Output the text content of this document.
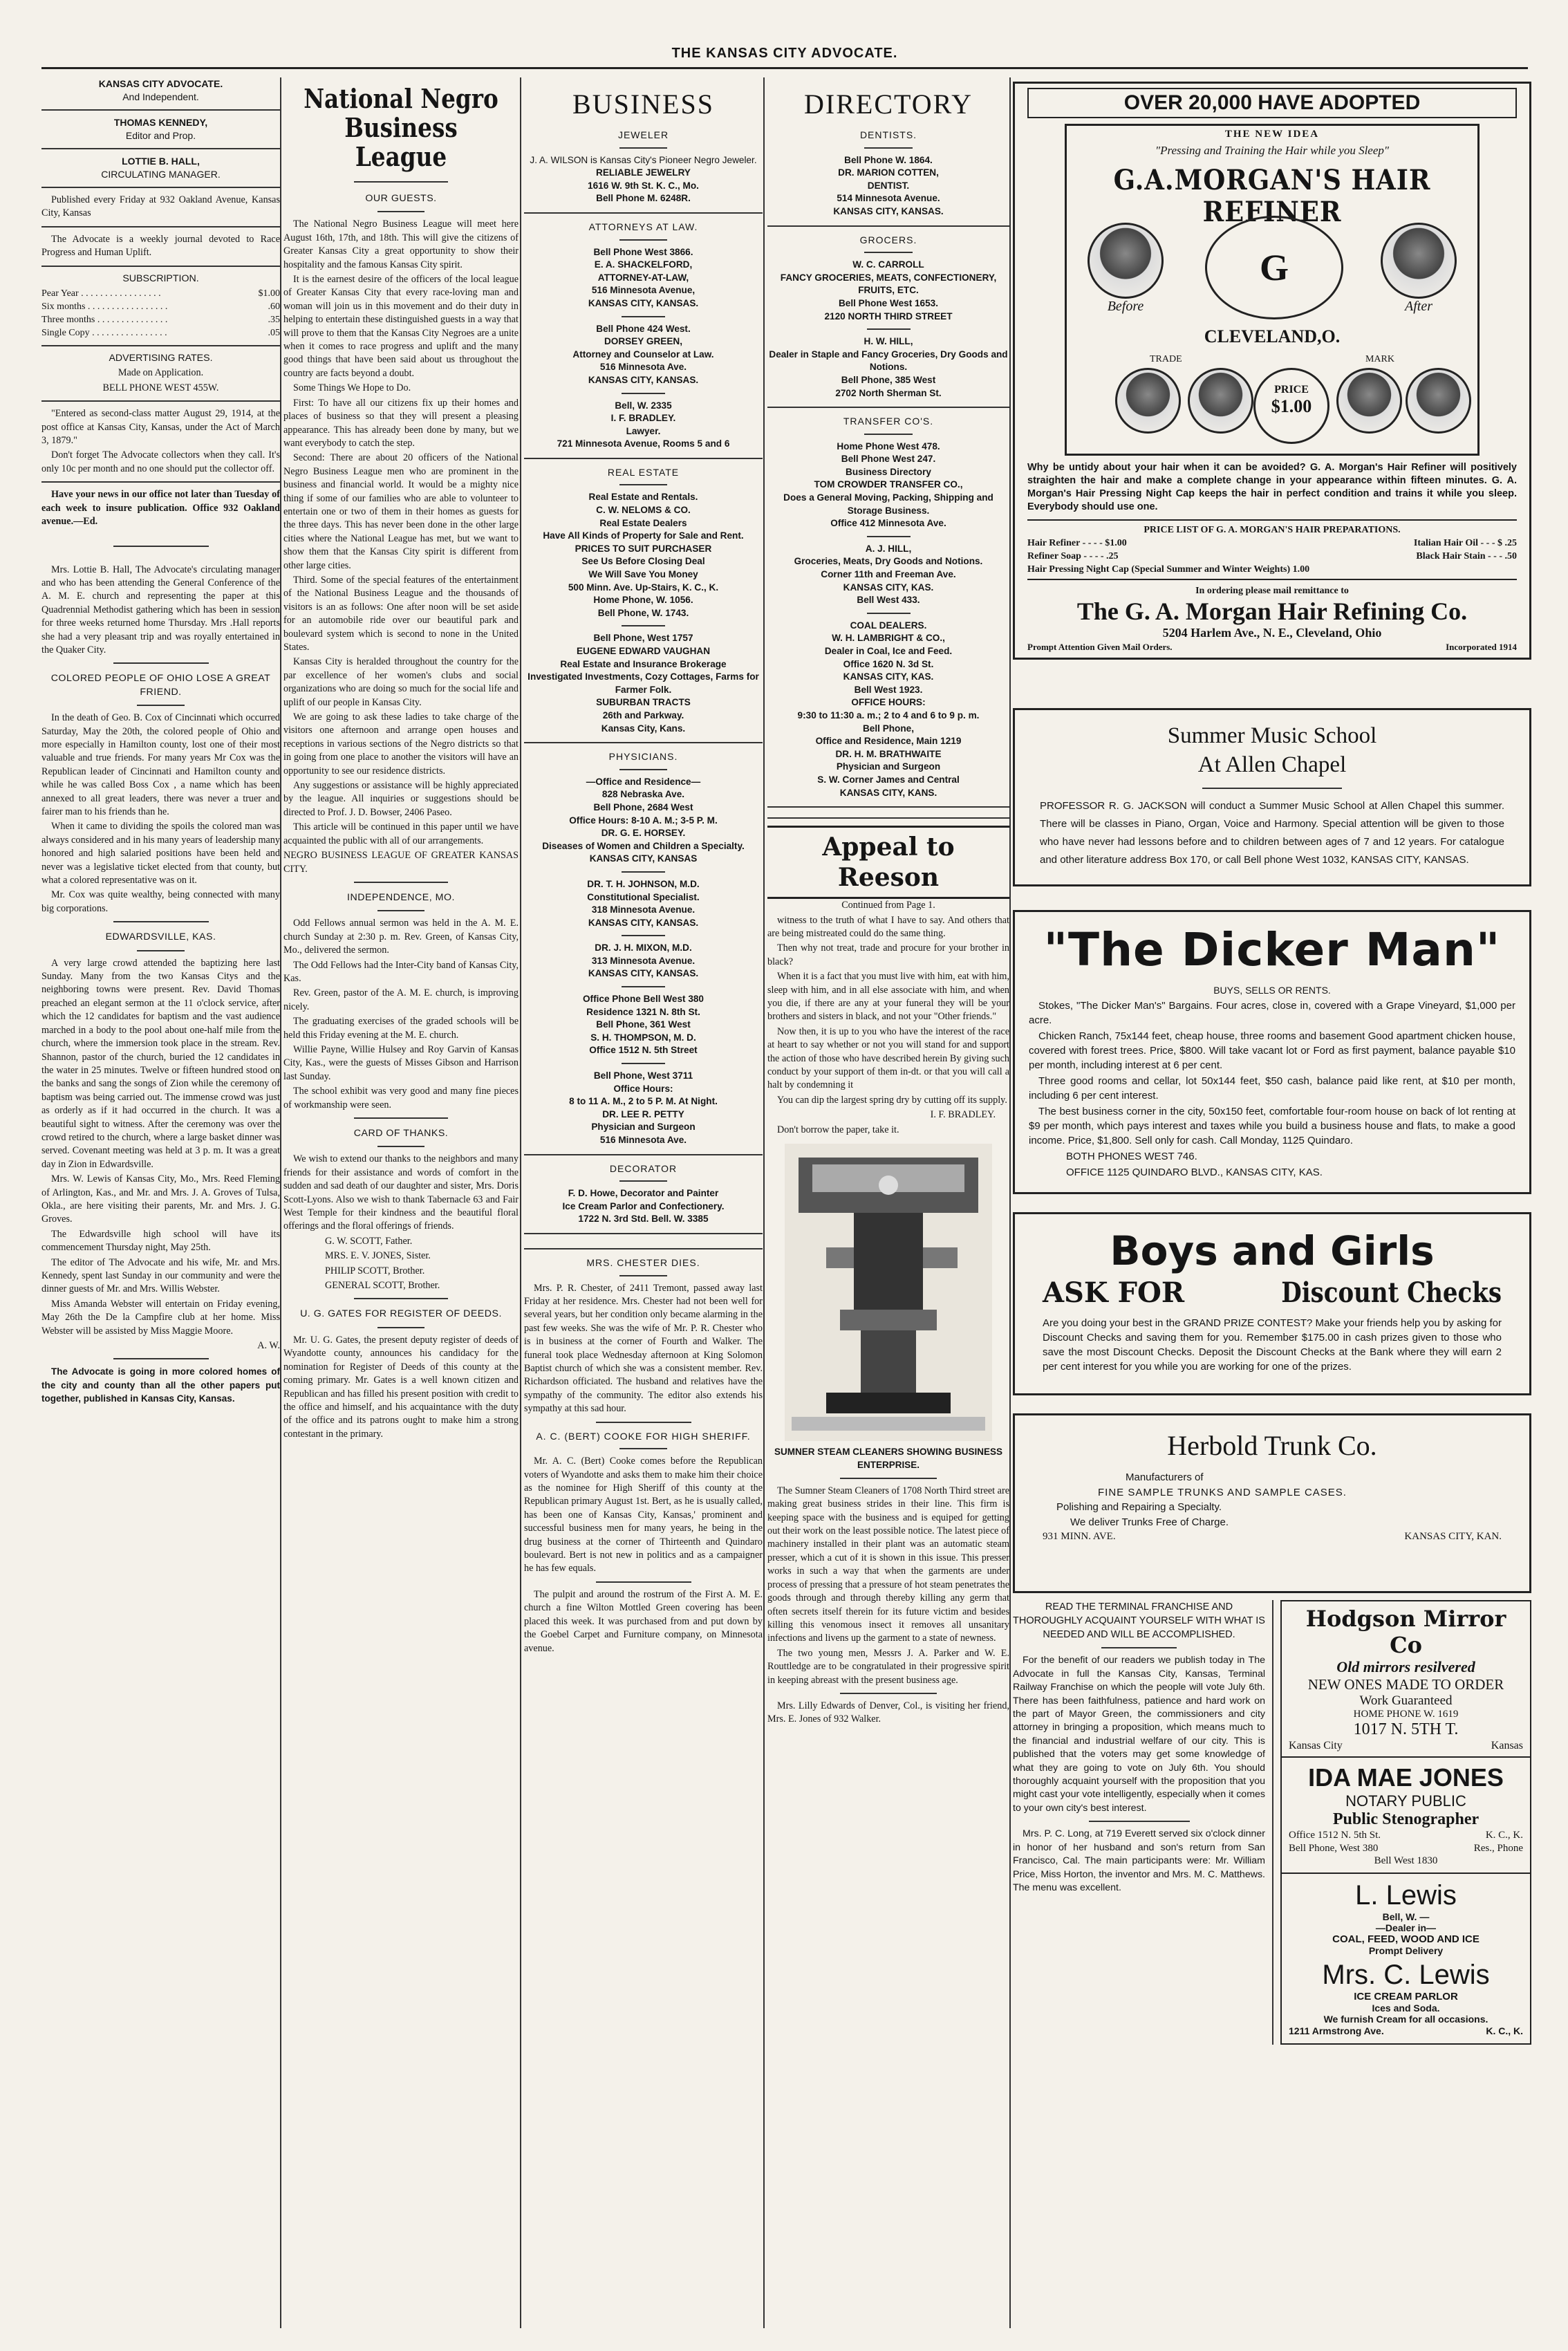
THE KANSAS CITY ADVOCATE.
KANSAS CITY ADVOCATE.
And Independent.
THOMAS KENNEDY,
Editor and Prop.
LOTTIE B. HALL,
CIRCULATING MANAGER.

Published every Friday at 932 Oakland Avenue, Kansas City, Kansas

The Advocate is a weekly journal devoted to Race Progress and Human Uplift.

SUBSCRIPTION.

Pear Year . . . . . . . . . . . . . . . . .	$1.00
Six months . . . . . . . . . . . . . . . . .	.60
Three months . . . . . . . . . . . . . . .	.35
Single Copy . . . . . . . . . . . . . . . .	.05

ADVERTISING RATES.

Made on Application.

BELL PHONE WEST 455W.

"Entered as second-class matter August 29, 1914, at the post office at Kansas City, Kansas, under the Act of March 3, 1879."

Don't forget The Advocate collectors when they call. It's only 10c per month and no one should put the collector off.

Have your news in our office not later than Tuesday of each week to insure publication. Office 932 Oakland avenue.—Ed.

Mrs. Lottie B. Hall, The Advocate's circulating manager and who has been attending the General Conference of the A. M. E. church and representing the paper at this Quadrennial Methodist gathering which has been in session for three weeks returned home Thursday. Mrs .Hall reports she had a very pleasant trip and was royally entertained in the Quaker City.

COLORED PEOPLE OF OHIO LOSE A GREAT FRIEND.

In the death of Geo. B. Cox of Cincinnati which occurred Saturday, May the 20th, the colored people of Ohio and more especially in Hamilton county, lost one of their most valuable and true friends. For many years Mr Cox was the Republican leader of Cincinnati and Hamilton county and while he was called Boss Cox , a name which has been annexed to all great leaders, there was never a truer and fairer man to his friends than he.

When it came to dividing the spoils the colored man was always considered and in his many years of leadership many honored and high salaried positions have been held and never was a legislative ticket elected from that county, but what a colored representative was on it.

Mr. Cox was quite wealthy, being connected with many big corporations.

EDWARDSVILLE, KAS.

A very large crowd attended the baptizing here last Sunday. Many from the two Kansas Citys and the neighboring towns were present. Rev. David Thomas preached an elegant sermon at the 11 o'clock service, after which the 12 candidates for baptism and the vast audience marched in a body to the pool about one-half mile from the church, where the immersion took place in the stream. Rev. Shannon, pastor of the church, buried the 12 candidates in the water in 25 minutes. Twelve or fifteen hundred stood on the banks and sang the songs of Zion while the ceremony of baptism was being carried out. The immense crowd was just as orderly as if it had occurred in the church. It was a beautiful sight to witness. After the ceremony was over the crowd retired to the church, where a large basket dinner was served. Covenant meeting was held at 3 p. m. It was a great day in Zion in Edwardsville.

Mrs. W. Lewis of Kansas City, Mo., Mrs. Reed Fleming of Arlington, Kas., and Mr. and Mrs. J. A. Groves of Tulsa, Okla., are here visiting their parents, Mr. and Mrs. J. G. Groves.

The Edwardsville high school will have its commencement Thursday night, May 25th.

The editor of The Advocate and his wife, Mr. and Mrs. Kennedy, spent last Sunday in our community and were the dinner guests of Mr. and Mrs. Willis Webster.

Miss Amanda Webster will entertain on Friday evening, May 26th the De la Campfire club at her home. Miss Webster will be assisted by Miss Maggie Moore.

A. W.

The Advocate is going in more colored homes of the city and county than all the other papers put together, published in Kansas City, Kansas.

National Negro
Business League

OUR GUESTS.

The National Negro Business League will meet here August 16th, 17th, and 18th. This will give the citizens of Greater Kansas City a great opportunity to show their hospitality and the famous Kansas City spirit.

It is the earnest desire of the officers of the local league of Greater Kansas City that every race-loving man and woman will join us in this movement and do their duty in helping to entertain these distinguished guests in a way that will prove to them that the Kansas City Negroes are a unite when it comes to race progress and uplift and the many good things that have been said about us throughout the country are facts beyond a doubt.

Some Things We Hope to Do.

First: To have all our citizens fix up their homes and places of business so that they will present a pleasing appearance. This has already been done by many, but we want everybody to catch the step.

Second: There are about 20 officers of the National Negro Business League men who are prominent in the business and financial world. It would be a mighty nice thing if some of our families who are able to volunteer to entertain one or two of them in their homes as guests for the three days. This has never been done in the other large cities where the National League has met, but we want to show them that the Kansas City spirit is different from other large cities.

Third. Some of the special features of the entertainment of the National Business League and the thousands of visitors is an as follows: One after noon will be set aside for an automobile ride over our beautiful park and boulevard system which is second to none in the United States.

Kansas City is heralded throughout the country for the par excellence of her women's clubs and social organizations who are doing so much for the social life and uplift of our people in Kansas City.

We are going to ask these ladies to take charge of the visitors one afternoon and arrange open houses and receptions in various sections of the Negro districts so that in going from one place to another the visitors will have an opportunity to see our residence districts.

Any suggestions or assistance will be highly appreciated by the league. All inquiries or suggestions should be directed to Prof. J. D. Bowser, 2406 Paseo.

This article will be continued in this paper until we have acquainted the public with all of our arrangements.

NEGRO BUSINESS LEAGUE OF GREATER KANSAS CITY.

INDEPENDENCE, MO.

Odd Fellows annual sermon was held in the A. M. E. church Sunday at 2:30 p. m. Rev. Green, of Kansas City, Mo., delivered the sermon.

The Odd Fellows had the Inter-City band of Kansas City, Kas.

Rev. Green, pastor of the A. M. E. church, is improving nicely.

The graduating exercises of the graded schools will be held this Friday evening at the M. E. church.

Willie Payne, Willie Hulsey and Roy Garvin of Kansas City, Kas., were the guests of Misses Gibson and Harrison last Sunday.

The school exhibit was very good and many fine pieces of workmanship were seen.

CARD OF THANKS.

We wish to extend our thanks to the neighbors and many friends for their assistance and words of comfort in the sudden and sad death of our daughter and sister, Mrs. Doris Scott-Lyons. Also we wish to thank Tabernacle 63 and Fair West Temple for their kindness and the beautiful floral offerings and the floral offerings of friends.

G. W. SCOTT, Father.

MRS. E. V. JONES, Sister.

PHILIP SCOTT, Brother.

GENERAL SCOTT, Brother.

U. G. GATES FOR REGISTER OF DEEDS.

Mr. U. G. Gates, the present deputy register of deeds of Wyandotte county, announces his candidacy for the nomination for Register of Deeds of this county at the coming primary. Mr. Gates is a well known citizen and Republican and has filled his present position with credit to the office and himself, and his acquaintance with the duty of the office and its patrons ought to make him a strong contestant in the primary.

BUSINESS

JEWELER

J. A. WILSON is Kansas City's Pioneer Negro Jeweler.

RELIABLE JEWELRY

1616 W. 9th St. K. C., Mo.

Bell Phone M. 6248R.

ATTORNEYS AT LAW.

Bell Phone West 3866.

E. A. SHACKELFORD,

ATTORNEY-AT-LAW,

516 Minnesota Avenue,

KANSAS CITY, KANSAS.

Bell Phone 424 West.

DORSEY GREEN,

Attorney and Counselor at Law.

516 Minnesota Ave.

KANSAS CITY, KANSAS.

Bell, W. 2335

I. F. BRADLEY.

Lawyer.

721 Minnesota Avenue, Rooms 5 and 6

REAL ESTATE

Real Estate and Rentals.

C. W. NELOMS & CO.

Real Estate Dealers

Have All Kinds of Property for Sale and Rent.

PRICES TO SUIT PURCHASER

See Us Before Closing Deal

We Will Save You Money

500 Minn. Ave. Up-Stairs, K. C., K.

Home Phone, W. 1056.

Bell Phone, W. 1743.

Bell Phone, West 1757

EUGENE EDWARD VAUGHAN

Real Estate and Insurance Brokerage

Investigated Investments, Cozy Cottages, Farms for Farmer Folk.

SUBURBAN TRACTS

26th and Parkway.

Kansas City, Kans.

PHYSICIANS.

—Office and Residence—

828 Nebraska Ave.

Bell Phone, 2684 West

Office Hours: 8-10 A. M.; 3-5 P. M.

DR. G. E. HORSEY.

Diseases of Women and Children a Specialty.

KANSAS CITY, KANSAS

DR. T. H. JOHNSON, M.D.

Constitutional Specialist.

318 Minnesota Avenue.

KANSAS CITY, KANSAS.

DR. J. H. MIXON, M.D.

313 Minnesota Avenue.

KANSAS CITY, KANSAS.

Office Phone Bell West 380

Residence 1321 N. 8th St.

Bell Phone, 361 West

S. H. THOMPSON, M. D.

Office 1512 N. 5th Street

Bell Phone, West 3711

Office Hours:

8 to 11 A. M., 2 to 5 P. M. At Night.

DR. LEE R. PETTY

Physician and Surgeon

516 Minnesota Ave.

DECORATOR

F. D. Howe, Decorator and Painter

Ice Cream Parlor and Confectionery.

1722 N. 3rd Std. Bell. W. 3385

MRS. CHESTER DIES.

Mrs. P. R. Chester, of 2411 Tremont, passed away last Friday at her residence. Mrs. Chester had not been well for several years, but her condition only became alarming in the past few weeks. She was the wife of Mr. P. R. Chester who is in business at the corner of Fourth and Walker. The funeral took place Wednesday afternoon at King Solomon Baptist church of which she was a consistent member. Rev. Richardson officiated. The husband and relatives have the sympathy of the community. The editor also extends his sympathy at this sad hour.

A. C. (BERT) COOKE FOR HIGH SHERIFF.

Mr. A. C. (Bert) Cooke comes before the Republican voters of Wyandotte and asks them to make him their choice as the nominee for High Sheriff of this county at the Republican primary August 1st. Bert, as he is usually called, has been one of Kansas City, Kansas,' prominent and successful business men for many years, he being in the drug business at the corner of Thirteenth and Quindaro boulevard. Bert is not new in politics and as a campaigner he has few equals.

The pulpit and around the rostrum of the First A. M. E. church a fine Wilton Mottled Green covering has been placed this week. It was purchased from and put down by the Goebel Carpet and Furniture company, on Minnesota avenue.

DIRECTORY

DENTISTS.

Bell Phone W. 1864.

DR. MARION COTTEN,

DENTIST.

514 Minnesota Avenue.

KANSAS CITY, KANSAS.

GROCERS.

W. C. CARROLL

FANCY GROCERIES, MEATS, CONFECTIONERY, FRUITS, ETC.

Bell Phone West 1653.

2120 NORTH THIRD STREET

H. W. HILL,

Dealer in Staple and Fancy Groceries, Dry Goods and Notions.

Bell Phone, 385 West

2702 North Sherman St.

TRANSFER CO'S.

Home Phone West 478.

Bell Phone West 247.

Business Directory

TOM CROWDER TRANSFER CO.,

Does a General Moving, Packing, Shipping and Storage Business.

Office 412 Minnesota Ave.

A. J. HILL,

Groceries, Meats, Dry Goods and Notions.

Corner 11th and Freeman Ave.

KANSAS CITY, KAS.

Bell West 433.

COAL DEALERS.

W. H. LAMBRIGHT & CO.,

Dealer in Coal, Ice and Feed.

Office 1620 N. 3d St.

KANSAS CITY, KAS.

Bell West 1923.

OFFICE HOURS:

9:30 to 11:30 a. m.; 2 to 4 and 6 to 9 p. m.

Bell Phone,

Office and Residence, Main 1219

DR. H. M. BRATHWAITE

Physician and Surgeon

S. W. Corner James and Central

KANSAS CITY, KANS.

Appeal to Reeson

Continued from Page 1.

witness to the truth of what I have to say. And others that are being mistreated could do the same thing.

Then why not treat, trade and procure for your brother in black?

When it is a fact that you must live with him, eat with him, sleep with him, and in all else associate with him, and when you die, if there are any at your funeral they will be your brothers and sisters in black, and not your "Other friends."

Now then, it is up to you who have the interest of the race at heart to say whether or not you will stand for and support the action of those who have described herein By giving such conduct by your support of them in-dt. or that you will call a halt by condemning it

You can dip the largest spring dry by cutting off its supply.

I. F. BRADLEY.

Don't borrow the paper, take it.

SUMNER STEAM CLEANERS SHOWING BUSINESS ENTERPRISE.

The Sumner Steam Cleaners of 1708 North Third street are making great business strides in their line. This firm is keeping space with the business and is equiped for getting out their work on the least possible notice. The latest piece of machinery installed in their plant was an automatic steam presser, which a cut of it is shown in this issue. This presser works in such a way that when the garments are under process of pressing that a pressure of hot steam penetrates the goods through and through thereby killing any germ that often secrets itself therein for its future victim and besides killing this venomous insect it removes all unsanitary infections and livens up the garment to a state of newness.

The two young men, Messrs J. A. Parker and W. E. Routtledge are to be congratulated in their progressive spirit in keeping abreast with the present business age.

Mrs. Lilly Edwards of Denver, Col., is visiting her friend, Mrs. E. Jones of 932 Walker.

OVER 20,000 HAVE ADOPTED
THE NEW IDEA
"Pressing and Training the Hair while you Sleep"
G.A.MORGAN'S HAIR REFINER
Before	After
G
CLEVELAND,O.
TRADE	MARK
PRICE
$1.00

Why be untidy about your hair when it can be avoided? G. A. Morgan's Hair Refiner will positively straighten the hair and make a complete change in your appearance within fifteen minutes. G. A. Morgan's Hair Pressing Night Cap keeps the hair in perfect condition and trains it while you sleep. Everybody should use one.

PRICE LIST OF G. A. MORGAN'S HAIR PREPARATIONS.
Hair Refiner - - - - $1.00	Italian Hair Oil - - - $ .25
Refiner Soap - - - - .25	Black Hair Stain - - - .50
Hair Pressing Night Cap (Special Summer and Winter Weights) 1.00
In ordering please mail remittance to
The G. A. Morgan Hair Refining Co.
5204 Harlem Ave., N. E., Cleveland, Ohio
Prompt Attention Given Mail Orders.	Incorporated 1914
Summer Music School
At Allen Chapel

PROFESSOR R. G. JACKSON will conduct a Summer Music School at Allen Chapel this summer. There will be classes in Piano, Organ, Voice and Harmony. Special attention will be given to those who have never had lessons before and to children between ages of 7 and 12 years. For catalogue and other literature address Box 170, or call Bell phone West 1032, KANSAS CITY, KANSAS.

"The Dicker Man"

BUYS, SELLS OR RENTS.

Stokes, "The Dicker Man's" Bargains. Four acres, close in, covered with a Grape Vineyard, $1,000 per acre.

Chicken Ranch, 75x144 feet, cheap house, three rooms and basement Good apartment chicken house, covered with forest trees. Price, $800. Will take vacant lot or Ford as first payment, balance payable $10 per month, including interest at 6 per cent.

Three good rooms and cellar, lot 50x144 feet, $50 cash, balance paid like rent, at $10 per month, including 6 per cent interest.

The best business corner in the city, 50x150 feet, comfortable four-room house on back of lot renting at $9 per month, which pays interest and taxes while you build a business house and flats, to make a good income. Price, $1,800. Sell only for cash. Call Monday, 1125 Quindaro.

BOTH PHONES WEST 746.

OFFICE 1125 QUINDARO BLVD., KANSAS CITY, KAS.

Boys and Girls
ASK FOR	Discount Checks

Are you doing your best in the GRAND PRIZE CONTEST? Make your friends help you by asking for Discount Checks and saving them for you. Remember $175.00 in cash prizes given to those who save the most Discount Checks. Deposit the Discount Checks at the Bank where they will earn 2 per cent interest for you while you are working for one of the prizes.

Herbold Trunk Co.

Manufacturers of

FINE SAMPLE TRUNKS AND SAMPLE CASES.

Polishing and Repairing a Specialty.

We deliver Trunks Free of Charge.

931 MINN. AVE.	KANSAS CITY, KAN.

READ THE TERMINAL FRANCHISE AND THOROUGHLY ACQUAINT YOURSELF WITH WHAT IS NEEDED AND WILL BE ACCOMPLISHED.

For the benefit of our readers we publish today in The Advocate in full the Kansas City, Kansas, Terminal Railway Franchise on which the people will vote July 6th. There has been faithfulness, patience and hard work on the part of Mayor Green, the commissioners and city attorney in bringing a proposition, which means much to the financial and industrial welfare of our city. This is published that the voters may get some knowledge of what they are going to vote on July 6th. You should thoroughly acquaint yourself with the proposition that you might cast your vote intelligently, especially when it comes to your own city's best interest.

Mrs. P. C. Long, at 719 Everett served six o'clock dinner in honor of her husband and son's return from San Francisco, Cal. The main participants were: Mr. William Price, Miss Horton, the inventor and Mrs. M. C. Matthews. The menu was excellent.

Hodgson Mirror Co
Old mirrors resilvered
NEW ONES MADE TO ORDER
Work Guaranteed
HOME PHONE W. 1619
1017 N. 5TH T.
Kansas City	Kansas
IDA MAE JONES
NOTARY PUBLIC
Public Stenographer
Office 1512 N. 5th St.	K. C., K.
Bell Phone, West 380	Res., Phone
Bell West 1830
L. Lewis
Bell, W. —
—Dealer in—
COAL, FEED, WOOD AND ICE
Prompt Delivery
Mrs. C. Lewis
ICE CREAM PARLOR
Ices and Soda.
We furnish Cream for all occasions.
1211 Armstrong Ave.	K. C., K.
